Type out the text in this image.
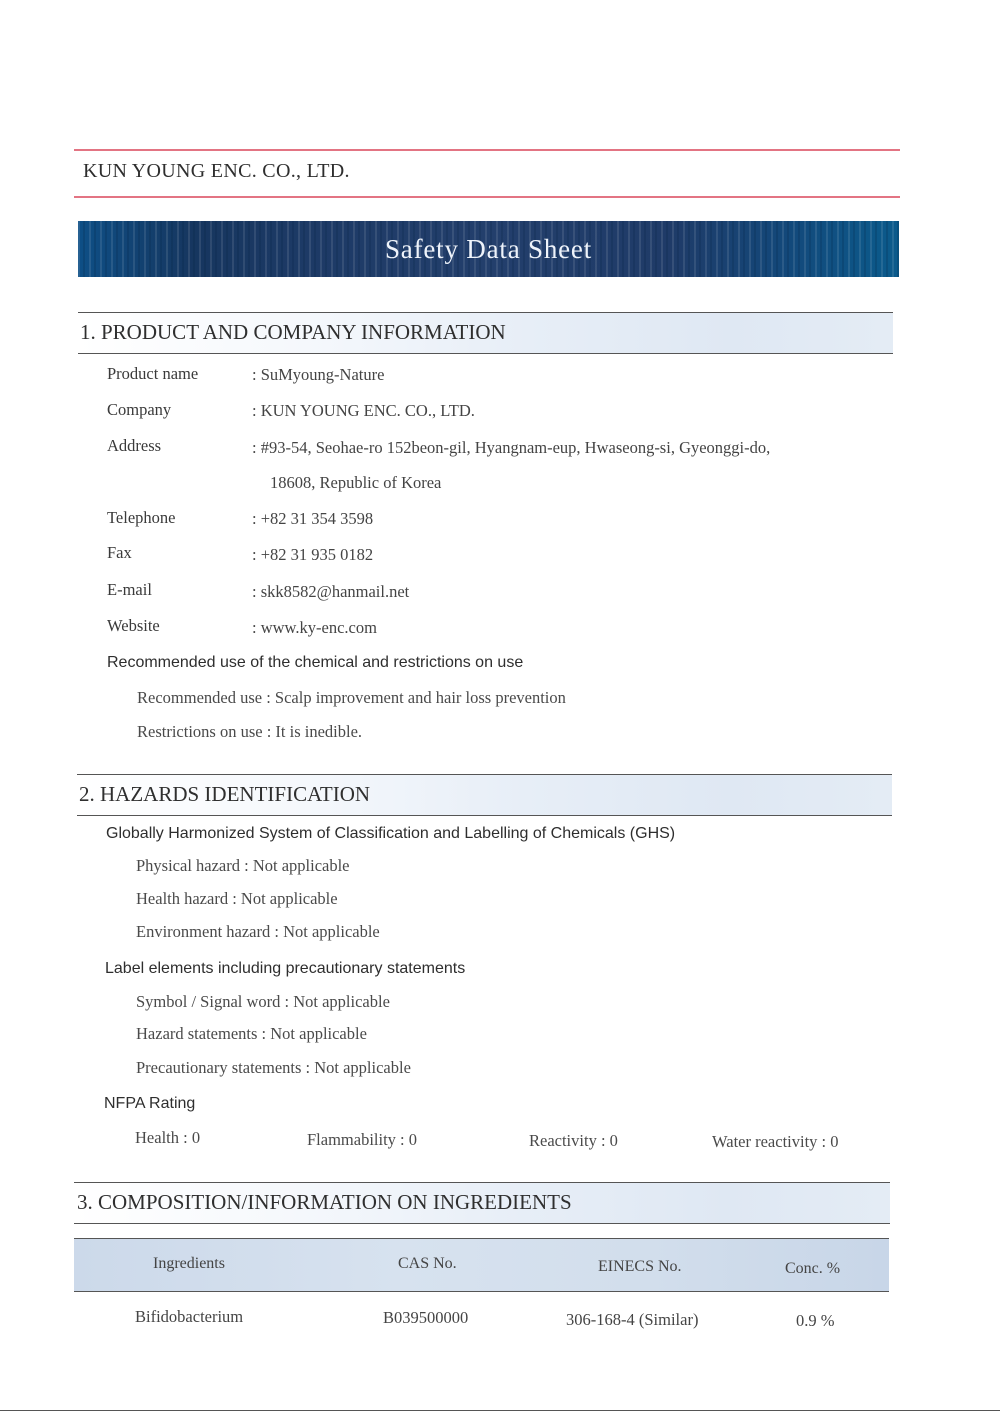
KUN YOUNG ENC. CO., LTD.
Safety Data Sheet
1. PRODUCT AND COMPANY INFORMATION
Product name	: SuMyoung-Nature
Company	: KUN YOUNG ENC. CO., LTD.
Address	: #93-54, Seohae-ro 152beon-gil, Hyangnam-eup, Hwaseong-si, Gyeonggi-do,
18608, Republic of Korea
Telephone	: +82 31 354 3598
Fax	: +82 31 935 0182
E-mail	: skk8582@hanmail.net
Website	: www.ky-enc.com
Recommended use of the chemical and restrictions on use
Recommended use : Scalp improvement and hair loss prevention
Restrictions on use : It is inedible.
2. HAZARDS IDENTIFICATION
Globally Harmonized System of Classification and Labelling of Chemicals (GHS)
Physical hazard : Not applicable
Health hazard : Not applicable
Environment hazard : Not applicable
Label elements including precautionary statements
Symbol / Signal word : Not applicable
Hazard statements : Not applicable
Precautionary statements : Not applicable
NFPA Rating
Health : 0	Flammability : 0	Reactivity : 0	Water reactivity : 0
3. COMPOSITION/INFORMATION ON INGREDIENTS
Ingredients	CAS No.	EINECS No.	Conc. %
Bifidobacterium	B039500000	306-168-4 (Similar)	0.9 %
